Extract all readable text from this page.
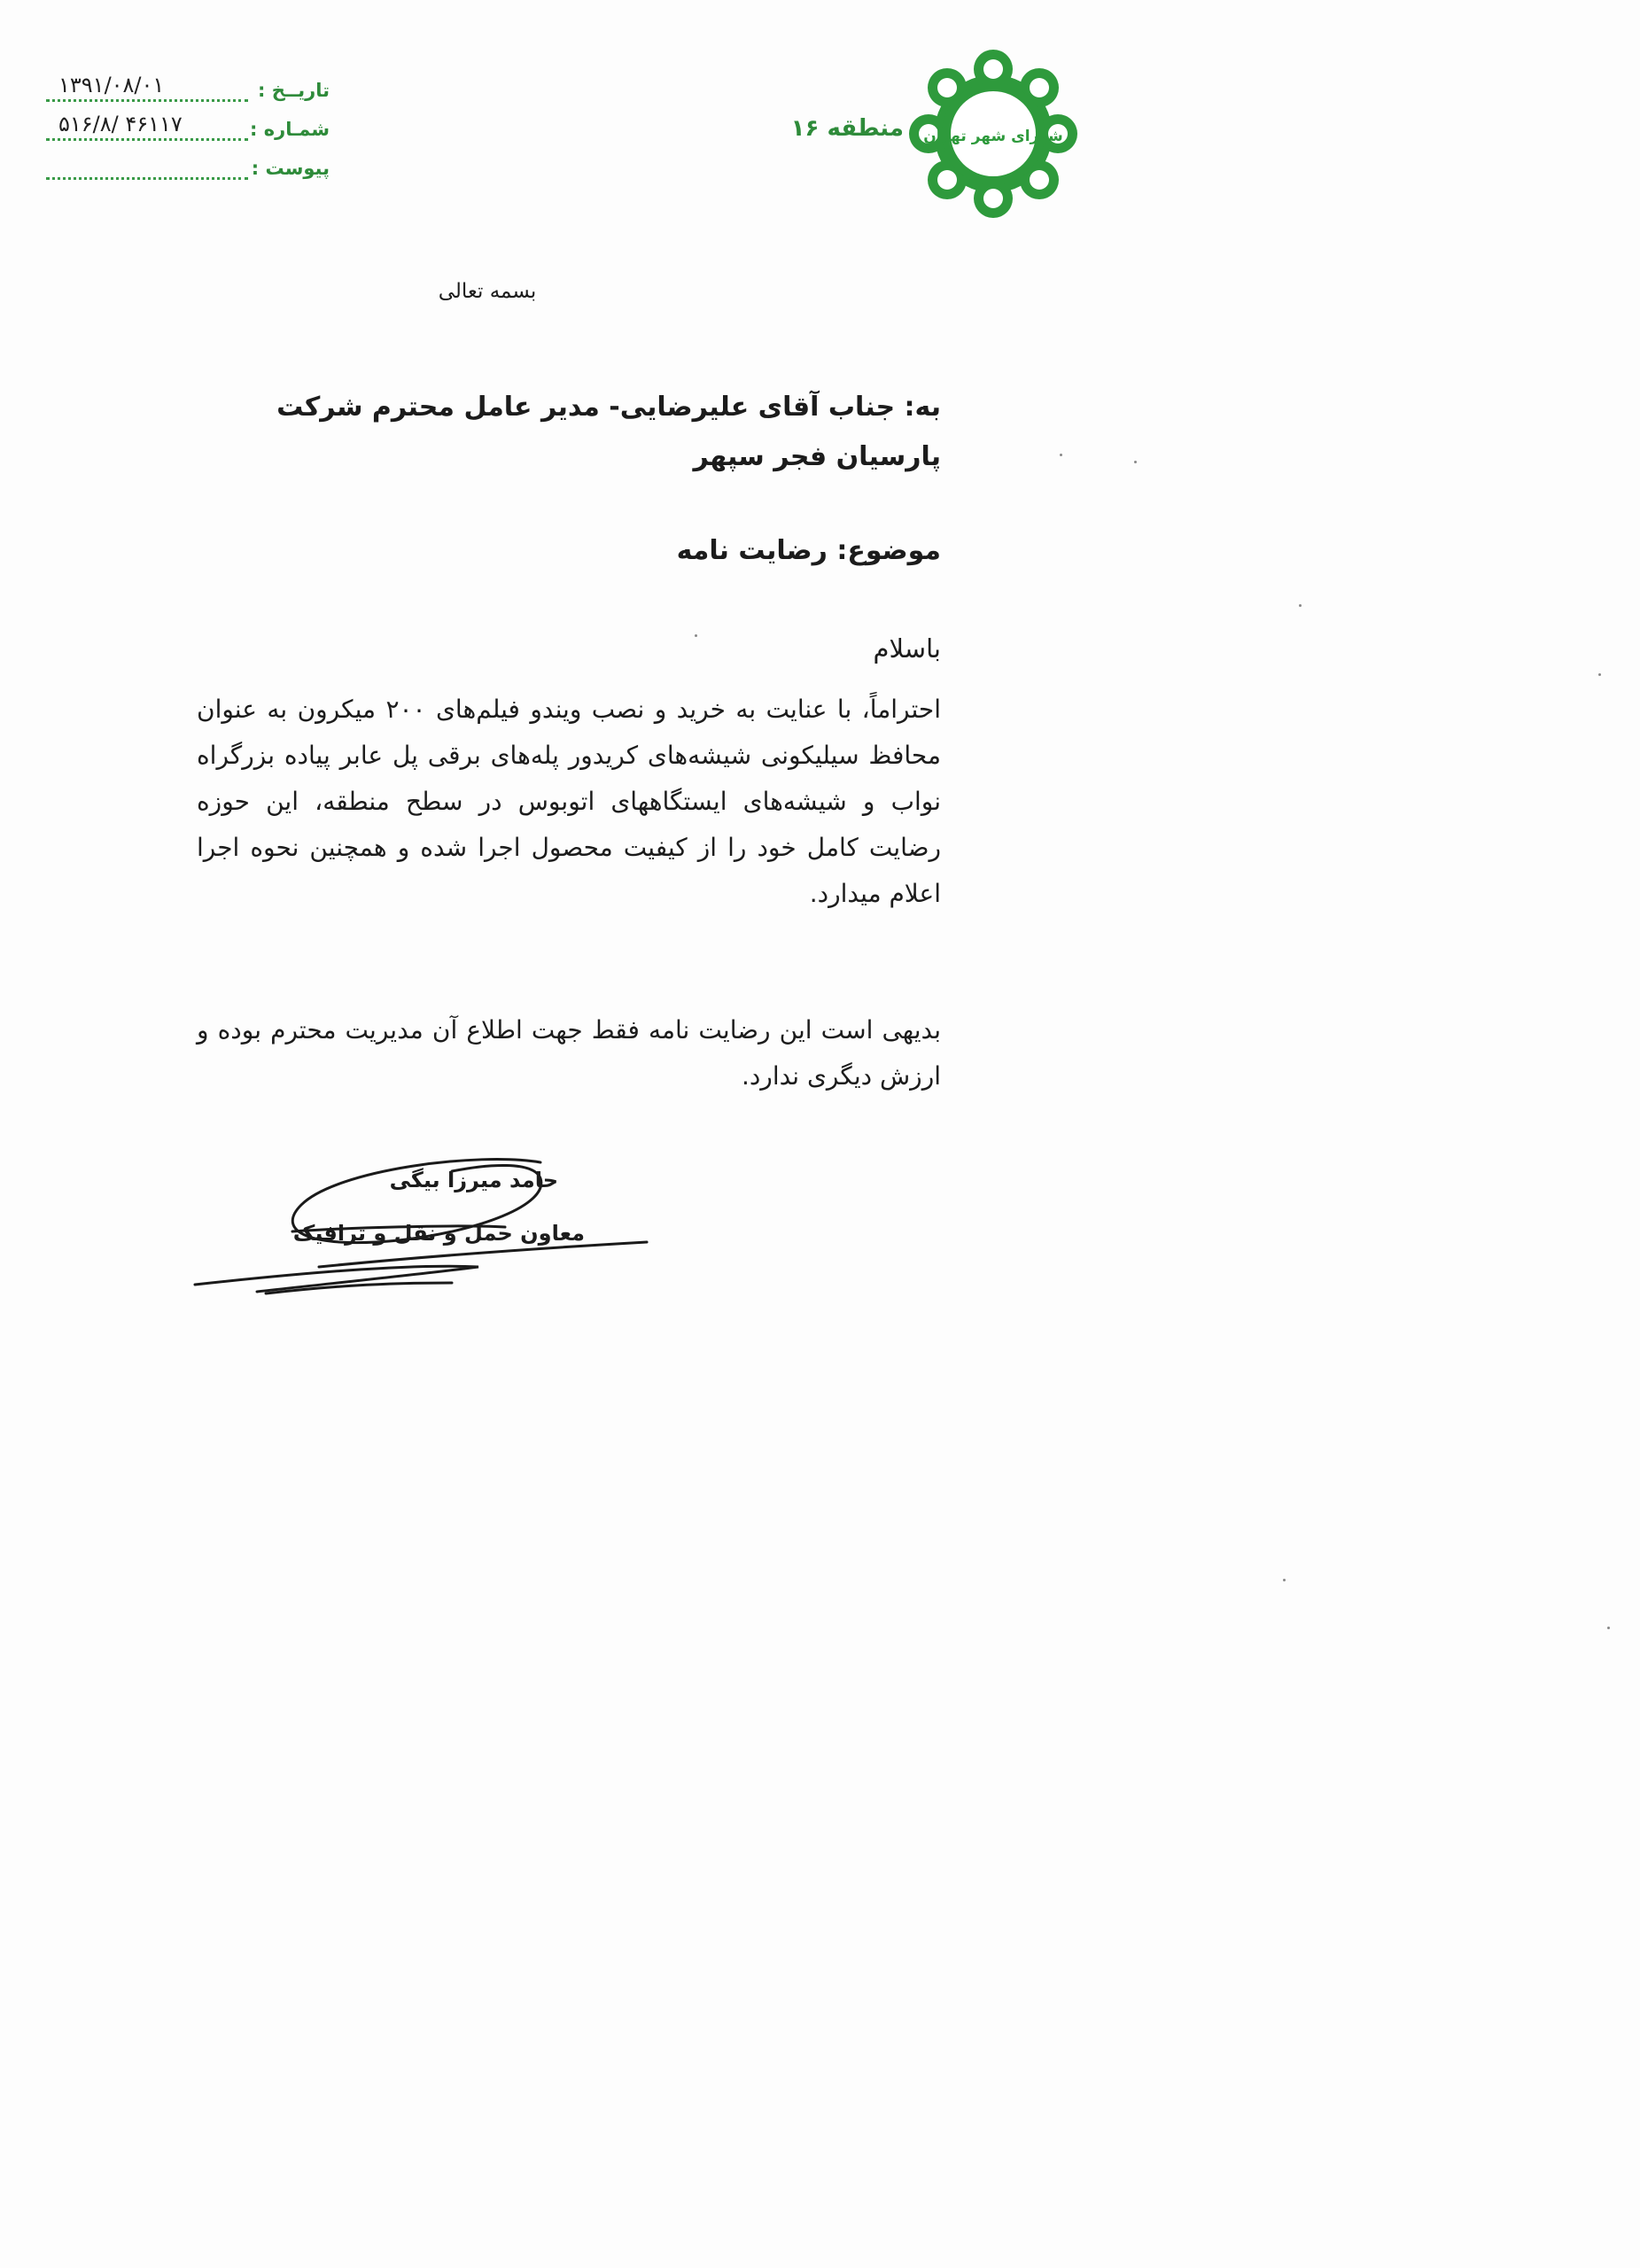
شورای شهر تهران
منطقه ۱۶
تاریــخ :
۱۳۹۱/۰۸/۰۱
شمـاره :
۵۱۶/۸/ ۴۶۱۱۷
پیوست :
بسمه تعالی
به: جناب آقای علیرضایی- مدیر عامل محترم شرکت پارسیان فجر سپهر
موضوع: رضایت نامه
باسلام
احتراماً، با عنایت به خرید و نصب ویندو فیلم‌های ۲۰۰ میکرون به عنوان محافظ سیلیکونی شیشه‌های کریدور پله‌های برقی پل عابر پیاده بزرگراه نواب و شیشه‌های ایستگاههای اتوبوس در سطح منطقه، این حوزه رضایت کامل خود را از کیفیت محصول اجرا شده و همچنین نحوه اجرا اعلام میدارد.
بدیهی است این رضایت نامه فقط جهت اطلاع آن مدیریت محترم بوده و ارزش دیگری ندارد.
حامد میرزا بیگی
معاون حمل و نقل و ترافیک
